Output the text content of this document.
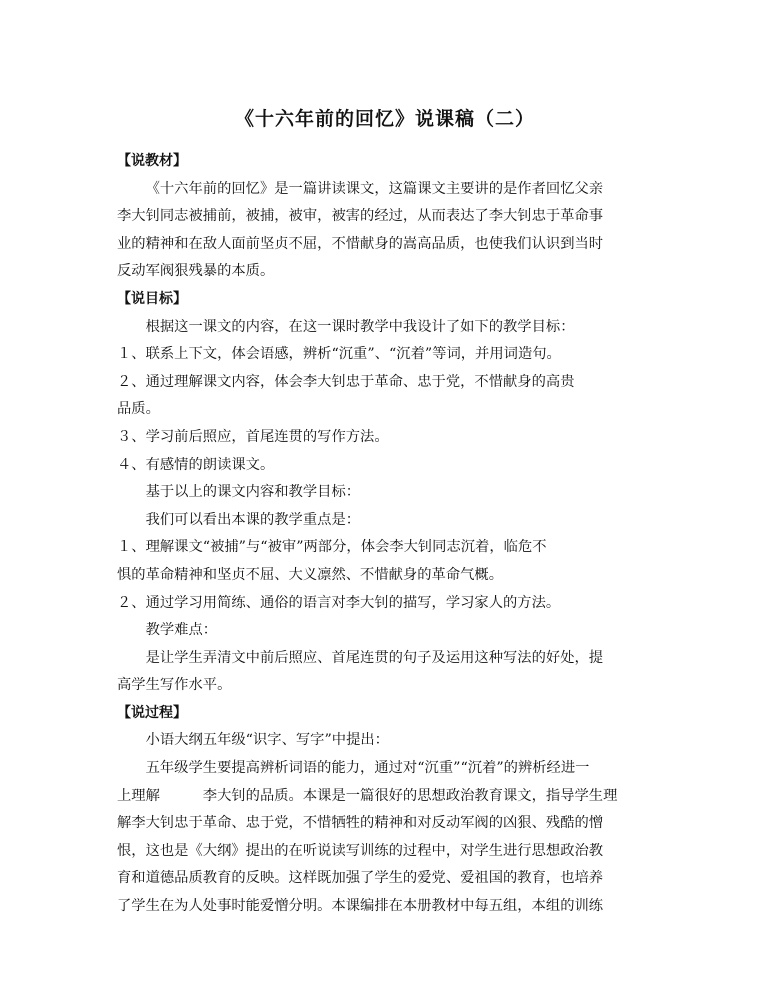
《十六年前的回忆》说课稿（二）

【说教材】

《十六年前的回忆》是一篇讲读课文，这篇课文主要讲的是作者回忆父亲

李大钊同志被捕前，被捕，被审，被害的经过，从而表达了李大钊忠于革命事

业的精神和在敌人面前坚贞不屈，不惜献身的嵩高品质，也使我们认识到当时

反动军阀狠残暴的本质。

【说目标】

根据这一课文的内容，在这一课时教学中我设计了如下的教学目标：

１、联系上下文，体会语感，辨析“沉重”、“沉着”等词，并用词造句。

２、通过理解课文内容，体会李大钊忠于革命、忠于党，不惜献身的高贵

品质。

３、学习前后照应，首尾连贯的写作方法。

４、有感情的朗读课文。

基于以上的课文内容和教学目标：

我们可以看出本课的教学重点是：

１、理解课文“被捕”与“被审”两部分，体会李大钊同志沉着，临危不

惧的革命精神和坚贞不屈、大义凛然、不惜献身的革命气概。

２、通过学习用简练、通俗的语言对李大钊的描写，学习家人的方法。

教学难点：

是让学生弄清文中前后照应、首尾连贯的句子及运用这种写法的好处，提

高学生写作水平。

【说过程】

小语大纲五年级“识字、写字”中提出：

五年级学生要提高辨析词语的能力，通过对“沉重”“沉着”的辨析经进一

上理解　　　李大钊的品质。本课是一篇很好的思想政治教育课文，指导学生理

解李大钊忠于革命、忠于党，不惜牺牲的精神和对反动军阀的凶狠、残酷的憎

恨，这也是《大纲》提出的在听说读写训练的过程中，对学生进行思想政治教

育和道德品质教育的反映。这样既加强了学生的爱党、爱祖国的教育，也培养

了学生在为人处事时能爱憎分明。本课编排在本册教材中每五组，本组的训练
